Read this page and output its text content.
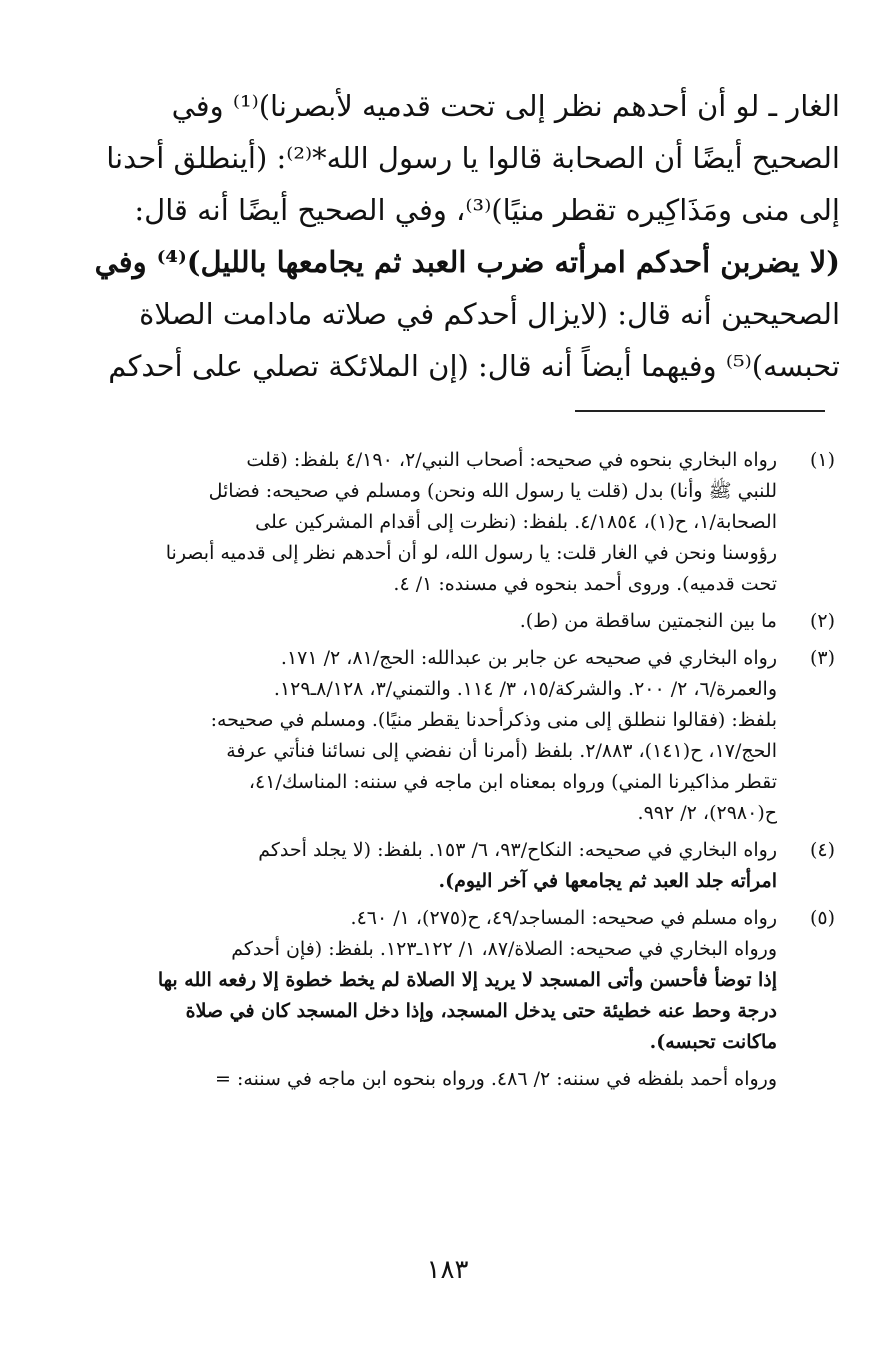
الغار ـ لو أن أحدهم نظر إلى تحت قدميه لأبصرنا)⁽¹⁾ وفي
الصحيح أيضًا أن الصحابة قالوا يا رسول الله*⁽²⁾: (أينطلق أحدنا
إلى منى ومَذَاكِيره تقطر منيًا)⁽³⁾، وفي الصحيح أيضًا أنه قال:
(لا يضربن أحدكم امرأته ضرب العبد ثم يجامعها بالليل)⁽⁴⁾ وفي
الصحيحين أنه قال: (لايزال أحدكم في صلاته مادامت الصلاة
تحبسه)⁽⁵⁾ وفيهما أيضاً أنه قال: (إن الملائكة تصلي على أحدكم
(١)
رواه البخاري بنحوه في صحيحه: أصحاب النبي/٢، ٤/١٩٠ بلفظ: (قلت
للنبي ﷺ وأنا) بدل (قلت يا رسول الله ونحن) ومسلم في صحيحه: فضائل
الصحابة/١، ح(١)، ٤/١٨٥٤. بلفظ: (نظرت إلى أقدام المشركين على
رؤوسنا ونحن في الغار قلت: يا رسول الله، لو أن أحدهم نظر إلى قدميه أبصرنا
تحت قدميه). وروى أحمد بنحوه في مسنده: ١/ ٤.
(٢)
ما بين النجمتين ساقطة من (ط).
(٣)
رواه البخاري في صحيحه عن جابر بن عبدالله: الحج/٨١، ٢/ ١٧١.
والعمرة/٦، ٢/ ٢٠٠. والشركة/١٥، ٣/ ١١٤. والتمني/٣، ٨/١٢٨ـ١٢٩.
بلفظ: (فقالوا ننطلق إلى منى وذكرأحدنا يقطر منيًا). ومسلم في صحيحه:
الحج/١٧، ح(١٤١)، ٢/٨٨٣. بلفظ (أمرنا أن نفضي إلى نسائنا فنأتي عرفة
تقطر مذاكيرنا المني) ورواه بمعناه ابن ماجه في سننه: المناسك/٤١،
ح(٢٩٨٠)، ٢/ ٩٩٢.
(٤)
رواه البخاري في صحيحه: النكاح/٩٣، ٦/ ١٥٣. بلفظ: (لا يجلد أحدكم
امرأته جلد العبد ثم يجامعها في آخر اليوم).
(٥)
رواه مسلم في صحيحه: المساجد/٤٩، ح(٢٧٥)، ١/ ٤٦٠.
ورواه البخاري في صحيحه: الصلاة/٨٧، ١/ ١٢٢ـ١٢٣. بلفظ: (فإن أحدكم
إذا توضأ فأحسن وأتى المسجد لا يريد إلا الصلاة لم يخط خطوة إلا رفعه الله بها
درجة وحط عنه خطيئة حتى يدخل المسجد، وإذا دخل المسجد كان في صلاة
ماكانت تحبسه).
ورواه أحمد بلفظه في سننه: ٢/ ٤٨٦. ورواه بنحوه ابن ماجه في سننه: =
١٨٣
